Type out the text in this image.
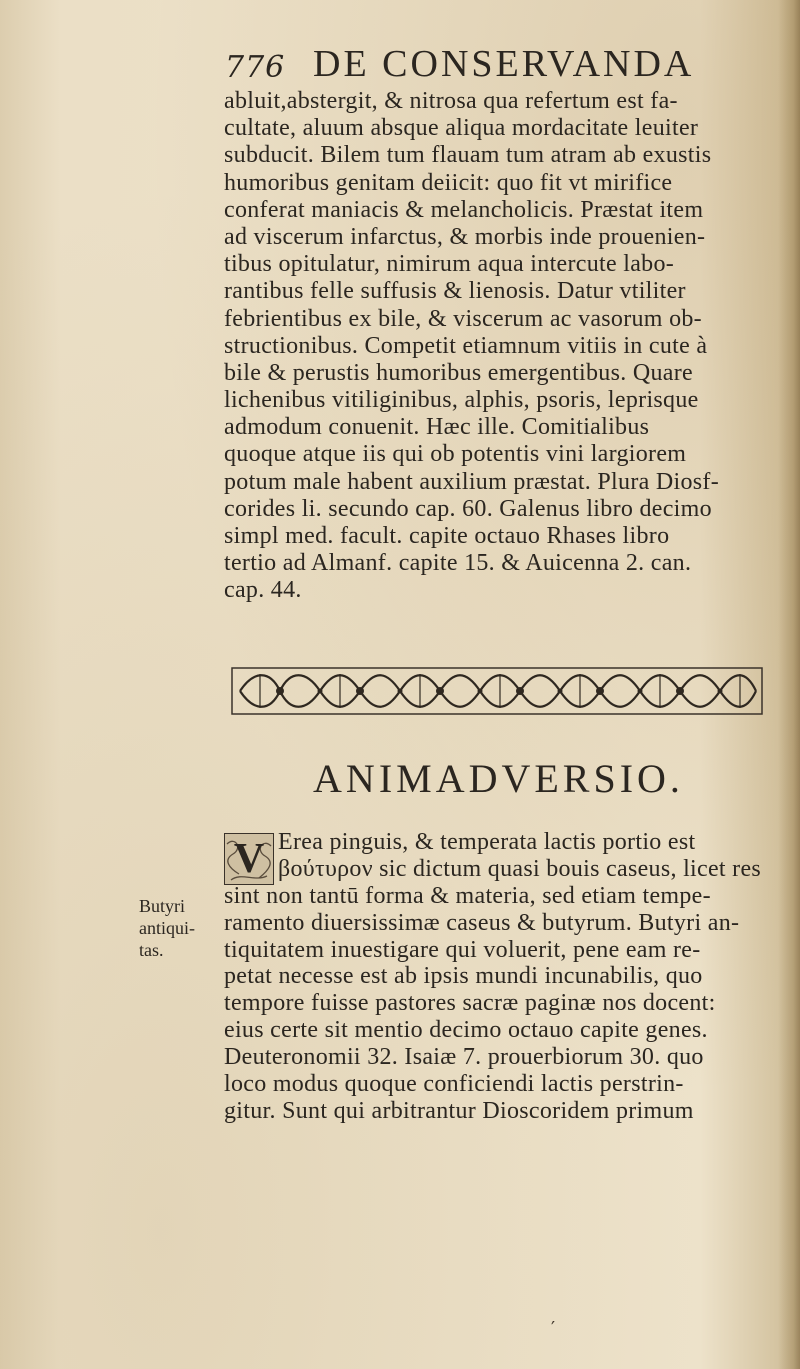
776 DE CONSERVANDA
abluit,abstergit, & nitrosa qua refertum est fa-
cultate, aluum absque aliqua mordacitate leuiter
subducit. Bilem tum flauam tum atram ab exustis
humoribus genitam deiicit: quo fit vt mirifice
conferat maniacis & melancholicis. Præstat item
ad viscerum infarctus, & morbis inde prouenien-
tibus opitulatur, nimirum aqua intercute labo-
rantibus felle suffusis & lienosis. Datur vtiliter
febrientibus ex bile, & viscerum ac vasorum ob-
structionibus. Competit etiamnum vitiis in cute à
bile & perustis humoribus emergentibus. Quare
lichenibus vitiliginibus, alphis, psoris, leprisque
admodum conuenit. Hæc ille. Comitialibus
quoque atque iis qui ob potentis vini largiorem
potum male habent auxilium præstat. Plura Diosf-
corides li. secundo cap. 60. Galenus libro decimo
simpl med. facult. capite octauo Rhases libro
tertio ad Almanf. capite 15. & Auicenna 2. can.
cap. 44.
ANIMADVERSIO.
V Erea pinguis, & temperata lactis portio est
βούτυρον sic dictum quasi bouis caseus, licet res
sint non tantū forma & materia, sed etiam tempe-
ramento diuersissimæ caseus & butyrum. Butyri an-
tiquitatem inuestigare qui voluerit, pene eam re-
petat necesse est ab ipsis mundi incunabilis, quo
tempore fuisse pastores sacræ paginæ nos docent:
eius certe sit mentio decimo octauo capite genes.
Deuteronomii 32. Isaiæ 7. prouerbiorum 30. quo
loco modus quoque conficiendi lactis perstrin-
gitur. Sunt qui arbitrantur Dioscoridem primum
Butyri
antiqui-
tas.
′
